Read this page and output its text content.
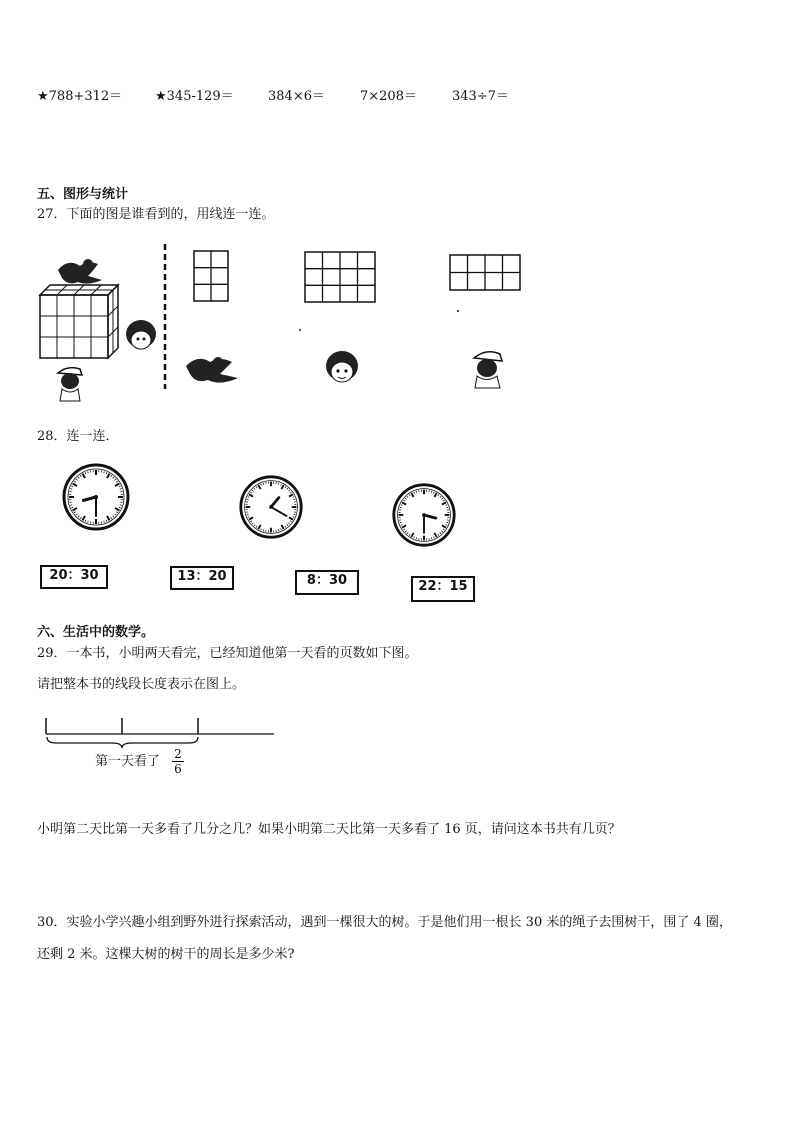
★788+312＝	★345-129＝	384×6＝	7×208＝	343÷7＝
五、图形与统计
27．下面的图是谁看到的，用线连一连。
28．连一连．
20：30	13：20	8：30	22：15
六、生活中的数学。
29．一本书，小明两天看完，已经知道他第一天看的页数如下图。
请把整本书的线段长度表示在图上。
第一天看了 2
6
小明第二天比第一天多看了几分之几？如果小明第二天比第一天多看了 16 页，请问这本书共有几页？
30．实验小学兴趣小组到野外进行探索活动，遇到一棵很大的树。于是他们用一根长 30 米的绳子去围树干，围了 4 圈，
还剩 2 米。这棵大树的树干的周长是多少米?
